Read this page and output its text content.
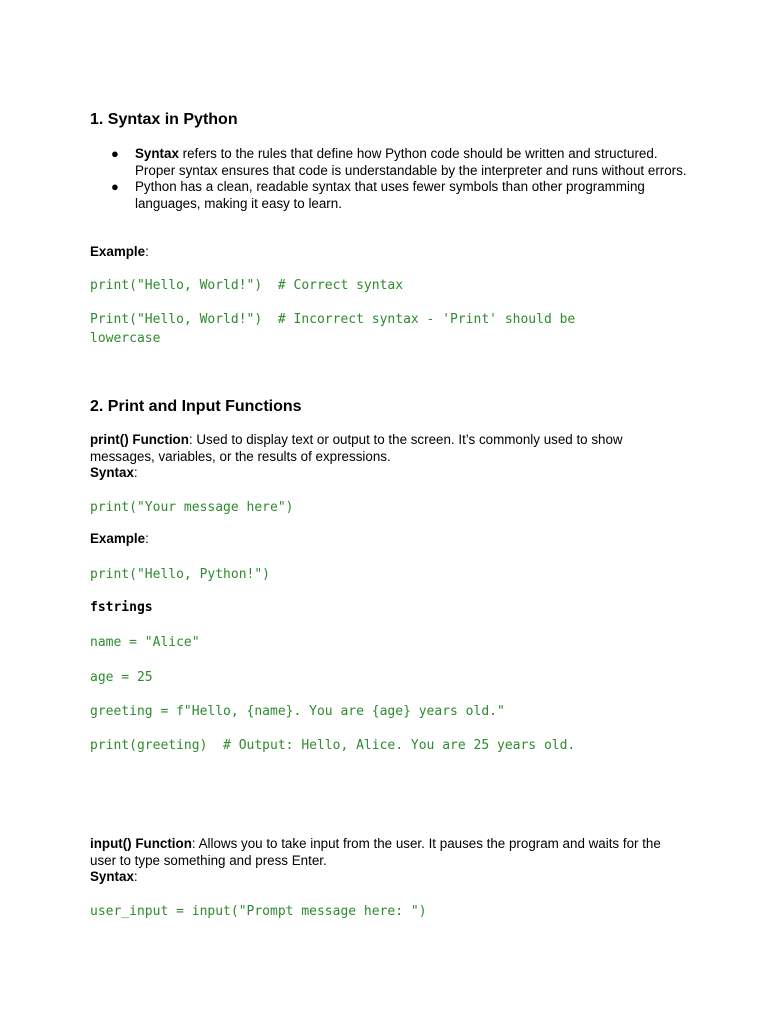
1. Syntax in Python
● Syntax refers to the rules that define how Python code should be written and structured. Proper syntax ensures that code is understandable by the interpreter and runs without errors.
● Python has a clean, readable syntax that uses fewer symbols than other programming languages, making it easy to learn.
Example:
print("Hello, World!")  # Correct syntax
Print("Hello, World!")  # Incorrect syntax - 'Print' should be
lowercase
2. Print and Input Functions
print() Function: Used to display text or output to the screen. It’s commonly used to show messages, variables, or the results of expressions.
Syntax:
print("Your message here")
Example:
print("Hello, Python!")
fstrings
name = "Alice"
age = 25
greeting = f"Hello, {name}. You are {age} years old."
print(greeting)  # Output: Hello, Alice. You are 25 years old.
input() Function: Allows you to take input from the user. It pauses the program and waits for the user to type something and press Enter.
Syntax:
user_input = input("Prompt message here: ")
